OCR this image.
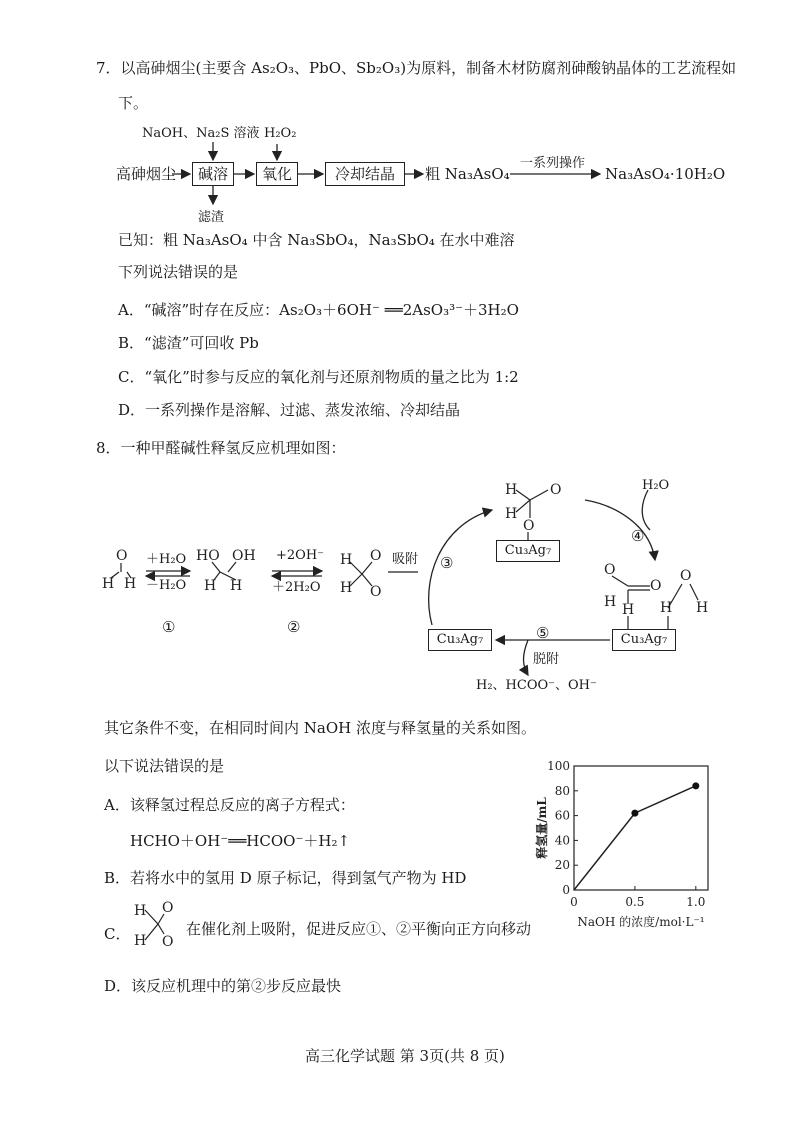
7．以高砷烟尘(主要含 As₂O₃、PbO、Sb₂O₃)为原料，制备木材防腐剂砷酸钠晶体的工艺流程如
下。
NaOH、Na₂S 溶液 H₂O₂
高砷烟尘	碱溶	氧化	冷却结晶	粗 Na₃AsO₄
一系列操作
Na₃AsO₄·10H₂O
滤渣
已知：粗 Na₃AsO₄ 中含 Na₃SbO₄，Na₃SbO₄ 在水中难溶
下列说法错误的是
A．“碱溶”时存在反应：As₂O₃＋6OH⁻ ══2AsO₃³⁻＋3H₂O
B．“滤渣”可回收 Pb
C．“氧化”时参与反应的氧化剂与还原剂物质的量之比为 1:2
D．一系列操作是溶解、过滤、蒸发浓缩、冷却结晶
8．一种甲醛碱性释氢反应机理如图：
＋H₂O
－H₂O
+2OH⁻
＋2H₂O
①	②
③
④
⑤
吸附
脱附
H₂O
Cu₃Ag₇
Cu₃Ag₇
Cu₃Ag₇
H₂、HCOO⁻、OH⁻
其它条件不变，在相同时间内 NaOH 浓度与释氢量的关系如图。
以下说法错误的是
A．该释氢过程总反应的离子方程式：
HCHO＋OH⁻══HCOO⁻＋H₂↑
B．若将水中的氢用 D 原子标记，得到氢气产物为 HD
C．	在催化剂上吸附，促进反应①、②平衡向正方向移动
D．该反应机理中的第②步反应最快
高三化学试题 第 3页(共 8 页)
O
H H
HO OH
H H
H
H
O
O
H
H
O
O
O
O
H H
O
H
H
H
H
O
O
0
20
40
60
80
100
0	0.5	1.0
NaOH 的浓度/mol·L⁻¹
释氢量/mL
